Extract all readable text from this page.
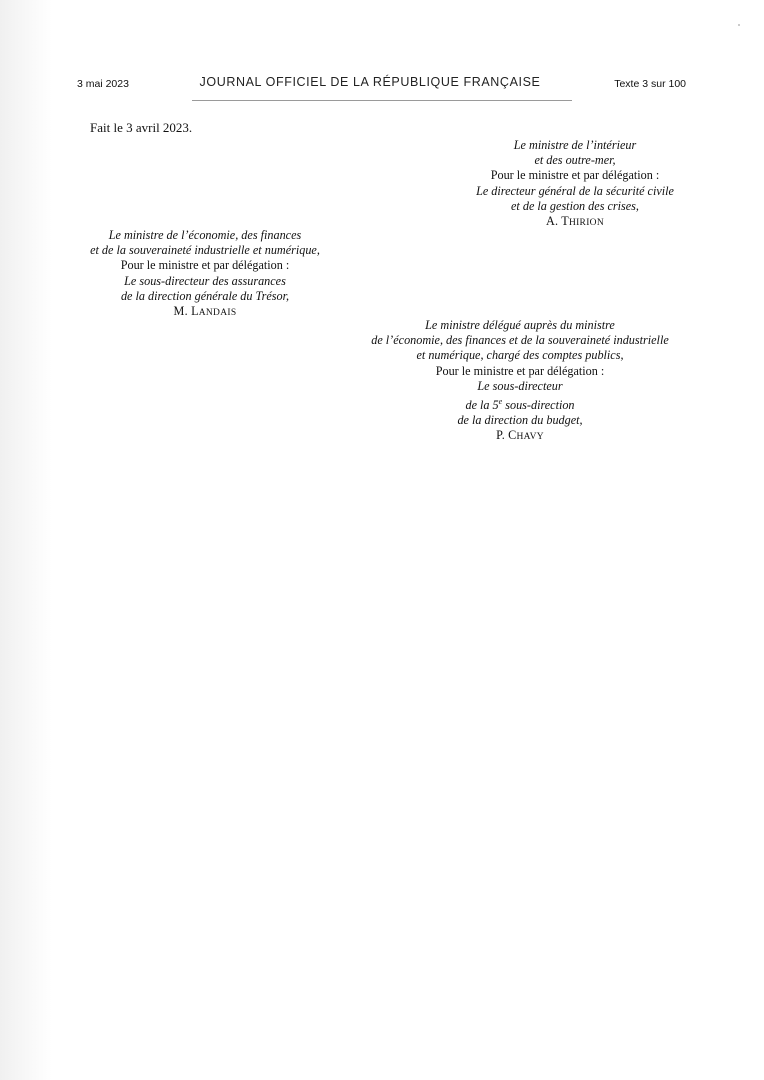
3 mai 2023	JOURNAL OFFICIEL DE LA RÉPUBLIQUE FRANÇAISE	Texte 3 sur 100
Fait le 3 avril 2023.
Le ministre de l’intérieur
et des outre-mer,
Pour le ministre et par délégation :
Le directeur général de la sécurité civile
et de la gestion des crises,
A. THIRION
Le ministre de l’économie, des finances
et de la souveraineté industrielle et numérique,
Pour le ministre et par délégation :
Le sous-directeur des assurances
de la direction générale du Trésor,
M. LANDAIS
Le ministre délégué auprès du ministre
de l’économie, des finances et de la souveraineté industrielle
et numérique, chargé des comptes publics,
Pour le ministre et par délégation :
Le sous-directeur
de la 5e sous-direction
de la direction du budget,
P. CHAVY
